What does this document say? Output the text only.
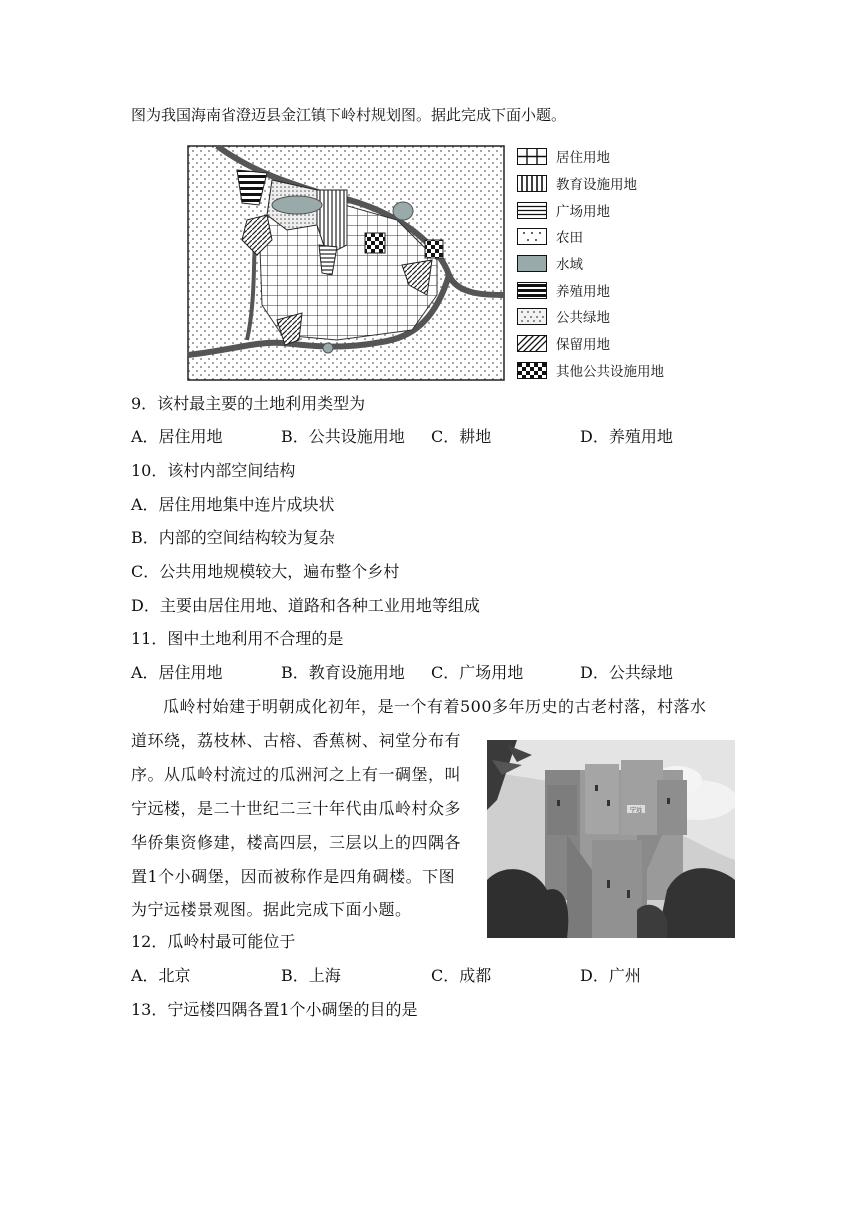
图为我国海南省澄迈县金江镇下岭村规划图。据此完成下面小题。
居住用地
教育设施用地
广场用地
农田
水域
养殖用地
公共绿地
保留用地
其他公共设施用地
9．该村最主要的土地利用类型为
A．居住用地	B．公共设施用地 C．耕地	D．养殖用地
10．该村内部空间结构
A．居住用地集中连片成块状
B．内部的空间结构较为复杂
C．公共用地规模较大，遍布整个乡村
D．主要由居住用地、道路和各种工业用地等组成
11．图中土地利用不合理的是
A．居住用地	B．教育设施用地 C．广场用地	D．公共绿地
瓜岭村始建于明朝成化初年，是一个有着500多年历史的古老村落，村落水
道环绕，荔枝林、古榕、香蕉树、祠堂分布有
序。从瓜岭村流过的瓜洲河之上有一碉堡，叫
宁远楼，是二十世纪二三十年代由瓜岭村众多
华侨集资修建，楼高四层，三层以上的四隅各
置1个小碉堡，因而被称作是四角碉楼。下图
为宁远楼景观图。据此完成下面小题。
宁远
12．瓜岭村最可能位于
A．北京	B．上海	C．成都	D．广州
13．宁远楼四隅各置1个小碉堡的目的是
